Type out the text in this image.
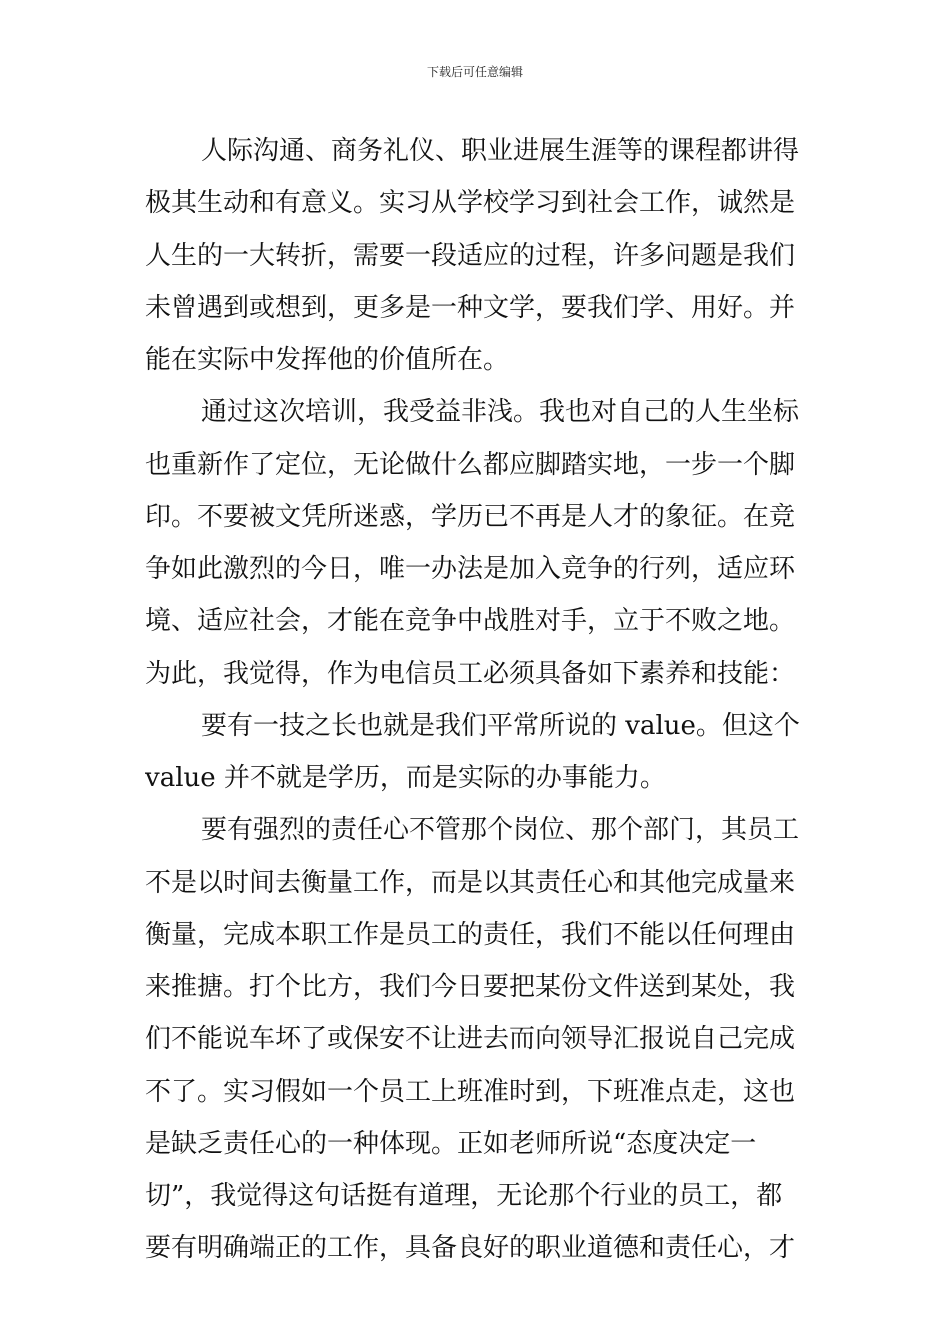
下载后可任意编辑
人际沟通、商务礼仪、职业进展生涯等的课程都讲得
极其生动和有意义。实习从学校学习到社会工作，诚然是
人生的一大转折，需要一段适应的过程，许多问题是我们
未曾遇到或想到，更多是一种文学，要我们学、用好。并
能在实际中发挥他的价值所在。
通过这次培训，我受益非浅。我也对自己的人生坐标
也重新作了定位，无论做什么都应脚踏实地，一步一个脚
印。不要被文凭所迷惑，学历已不再是人才的象征。在竞
争如此激烈的今日，唯一办法是加入竞争的行列，适应环
境、适应社会，才能在竞争中战胜对手，立于不败之地。
为此，我觉得，作为电信员工必须具备如下素养和技能：
要有一技之长也就是我们平常所说的 value。但这个
value 并不就是学历，而是实际的办事能力。
要有强烈的责任心不管那个岗位、那个部门，其员工
不是以时间去衡量工作，而是以其责任心和其他完成量来
衡量，完成本职工作是员工的责任，我们不能以任何理由
来推搪。打个比方，我们今日要把某份文件送到某处，我
们不能说车坏了或保安不让进去而向领导汇报说自己完成
不了。实习假如一个员工上班准时到，下班准点走，这也
是缺乏责任心的一种体现。正如老师所说“态度决定一
切”，我觉得这句话挺有道理，无论那个行业的员工，都
要有明确端正的工作，具备良好的职业道德和责任心，才
